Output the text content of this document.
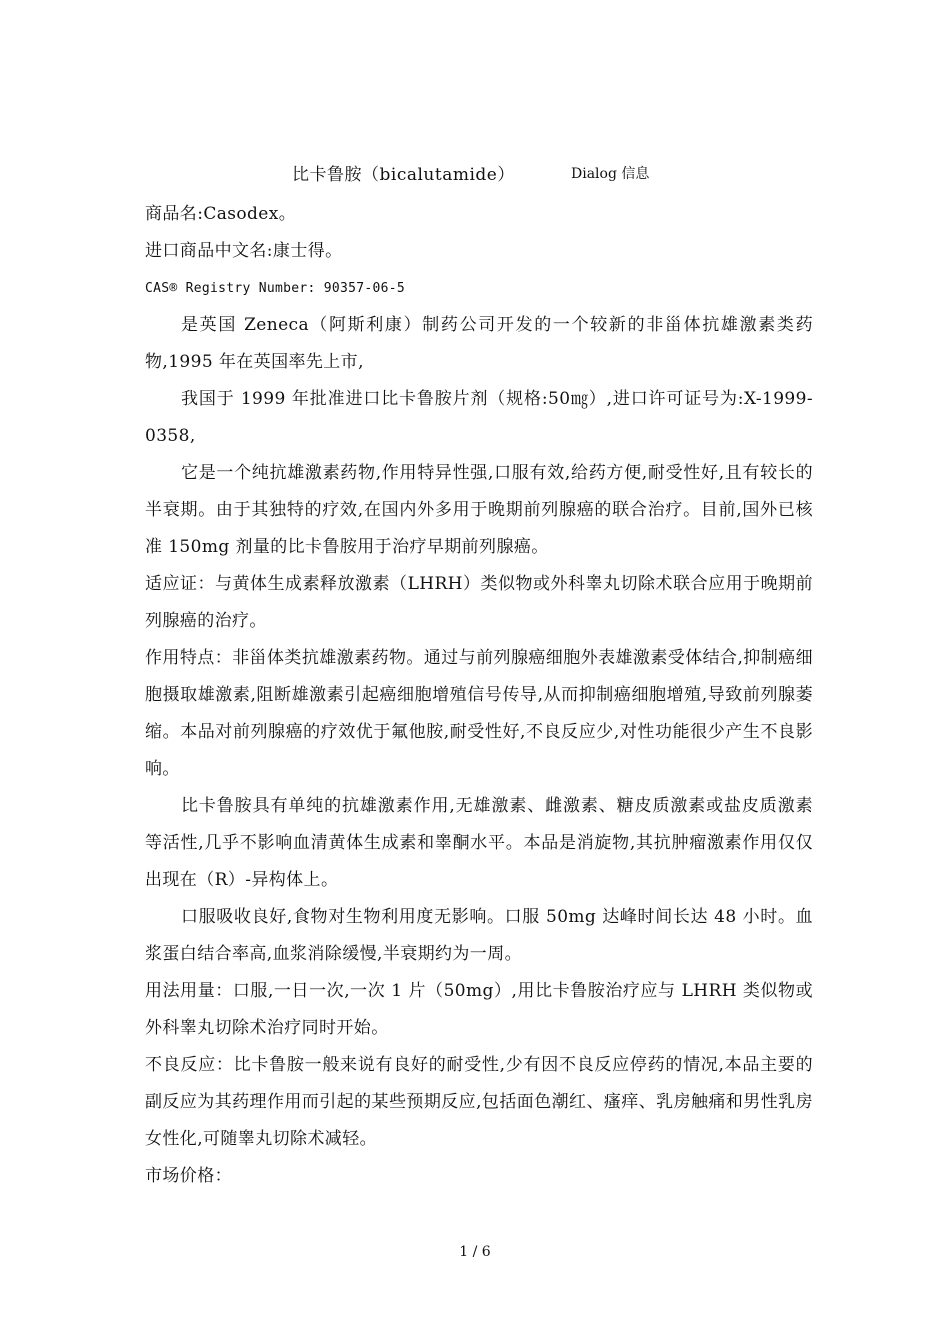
比卡鲁胺（bicalutamide）	Dialog 信息

商品名:Casodex。

进口商品中文名:康士得。

CAS® Registry Number: 90357-06-5

是英国 Zeneca（阿斯利康）制药公司开发的一个较新的非甾体抗雄激素类药物,1995 年在英国率先上市,

我国于 1999 年批准进口比卡鲁胺片剂（规格:50㎎）,进口许可证号为:X-1999-0358,

它是一个纯抗雄激素药物,作用特异性强,口服有效,给药方便,耐受性好,且有较长的半衰期。由于其独特的疗效,在国内外多用于晚期前列腺癌的联合治疗。目前,国外已核准 150mg 剂量的比卡鲁胺用于治疗早期前列腺癌。

适应证：与黄体生成素释放激素（LHRH）类似物或外科睾丸切除术联合应用于晚期前列腺癌的治疗。

作用特点：非甾体类抗雄激素药物。通过与前列腺癌细胞外表雄激素受体结合,抑制癌细胞摄取雄激素,阻断雄激素引起癌细胞增殖信号传导,从而抑制癌细胞增殖,导致前列腺萎缩。本品对前列腺癌的疗效优于氟他胺,耐受性好,不良反应少,对性功能很少产生不良影响。

比卡鲁胺具有单纯的抗雄激素作用,无雄激素、雌激素、糖皮质激素或盐皮质激素等活性,几乎不影响血清黄体生成素和睾酮水平。本品是消旋物,其抗肿瘤激素作用仅仅出现在（R）-异构体上。

口服吸收良好,食物对生物利用度无影响。口服 50mg 达峰时间长达 48 小时。血浆蛋白结合率高,血浆消除缓慢,半衰期约为一周。

用法用量：口服,一日一次,一次 1 片（50mg）,用比卡鲁胺治疗应与 LHRH 类似物或外科睾丸切除术治疗同时开始。

不良反应：比卡鲁胺一般来说有良好的耐受性,少有因不良反应停药的情况,本品主要的副反应为其药理作用而引起的某些预期反应,包括面色潮红、瘙痒、乳房触痛和男性乳房女性化,可随睾丸切除术减轻。

市场价格：

1 / 6
